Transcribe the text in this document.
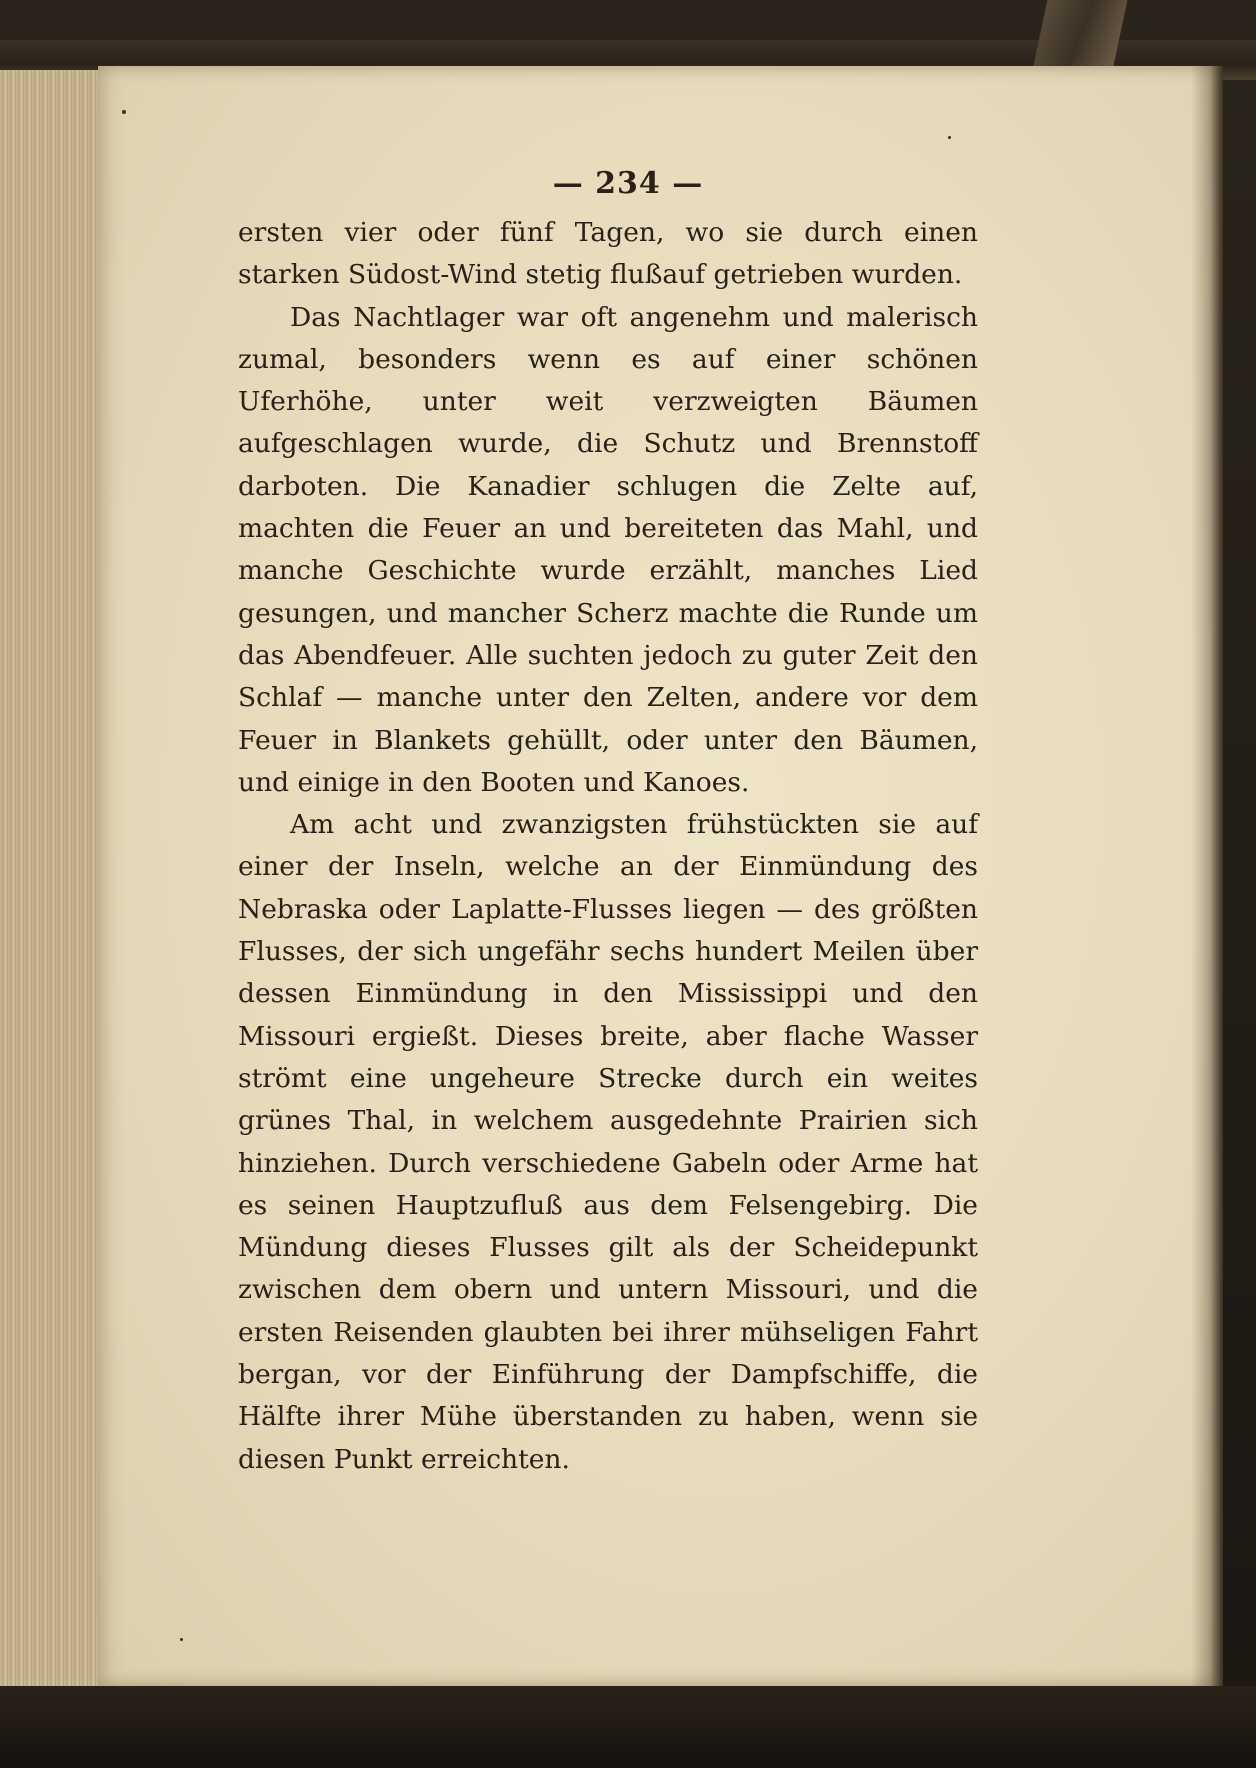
— 234 —

ersten vier oder fünf Tagen, wo sie durch einen starken Südost-Wind stetig flußauf getrieben wurden.

Das Nachtlager war oft angenehm und malerisch zumal, besonders wenn es auf einer schönen Uferhöhe, unter weit verzweigten Bäumen aufgeschlagen wurde, die Schutz und Brennstoff darboten. Die Kanadier schlugen die Zelte auf, machten die Feuer an und bereiteten das Mahl, und manche Geschichte wurde erzählt, manches Lied gesungen, und mancher Scherz machte die Runde um das Abendfeuer. Alle suchten jedoch zu guter Zeit den Schlaf — manche unter den Zelten, andere vor dem Feuer in Blankets gehüllt, oder unter den Bäumen, und einige in den Booten und Kanoes.

Am acht und zwanzigsten frühstückten sie auf einer der Inseln, welche an der Einmündung des Nebraska oder Laplatte-Flusses liegen — des größten Flusses, der sich ungefähr sechs hundert Meilen über dessen Einmündung in den Mississippi und den Missouri ergießt. Dieses breite, aber flache Wasser strömt eine ungeheure Strecke durch ein weites grünes Thal, in welchem ausgedehnte Prairien sich hinziehen. Durch verschiedene Gabeln oder Arme hat es seinen Hauptzufluß aus dem Felsengebirg. Die Mündung dieses Flusses gilt als der Scheidepunkt zwischen dem obern und untern Missouri, und die ersten Reisenden glaubten bei ihrer mühseligen Fahrt bergan, vor der Einführung der Dampfschiffe, die Hälfte ihrer Mühe überstanden zu haben, wenn sie diesen Punkt erreichten.
